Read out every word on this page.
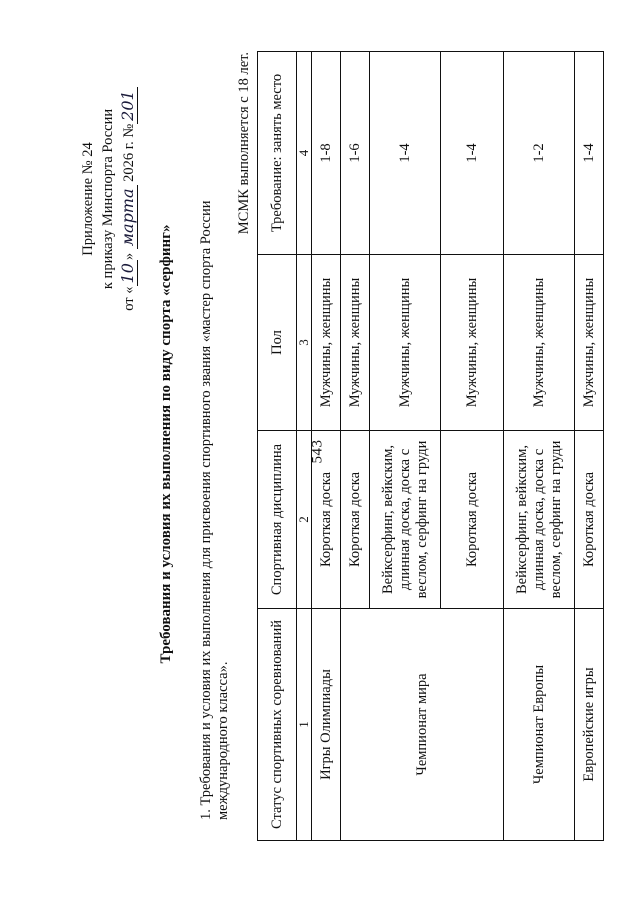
543
Приложение № 24 к приказу Минспорта России
от «10» марта 2026 г. №201
Требования и условия их выполнения по виду спорта «серфинг» 1. Требования и условия их выполнения для присвоения спортивного звания «мастер спорта России международного класса».
МСМК выполняется с 18 лет.
Статус спортивных соревнований	Спортивная дисциплина	Пол	Требование: занять место
1	2	3	4
Игры Олимпиады	Короткая доска	Мужчины, женщины	1-8
Чемпионат мира	Короткая доска	Мужчины, женщины	1-6
	Вейксерфинг, вейкским, длинная доска, доска с веслом, серфинг на груди	Мужчины, женщины	1-4
	Короткая доска	Мужчины, женщины	1-4
Чемпионат Европы	Вейксерфинг, вейкским, длинная доска, доска с веслом, серфинг на груди	Мужчины, женщины	1-2
Европейские игры	Короткая доска	Мужчины, женщины	1-4
